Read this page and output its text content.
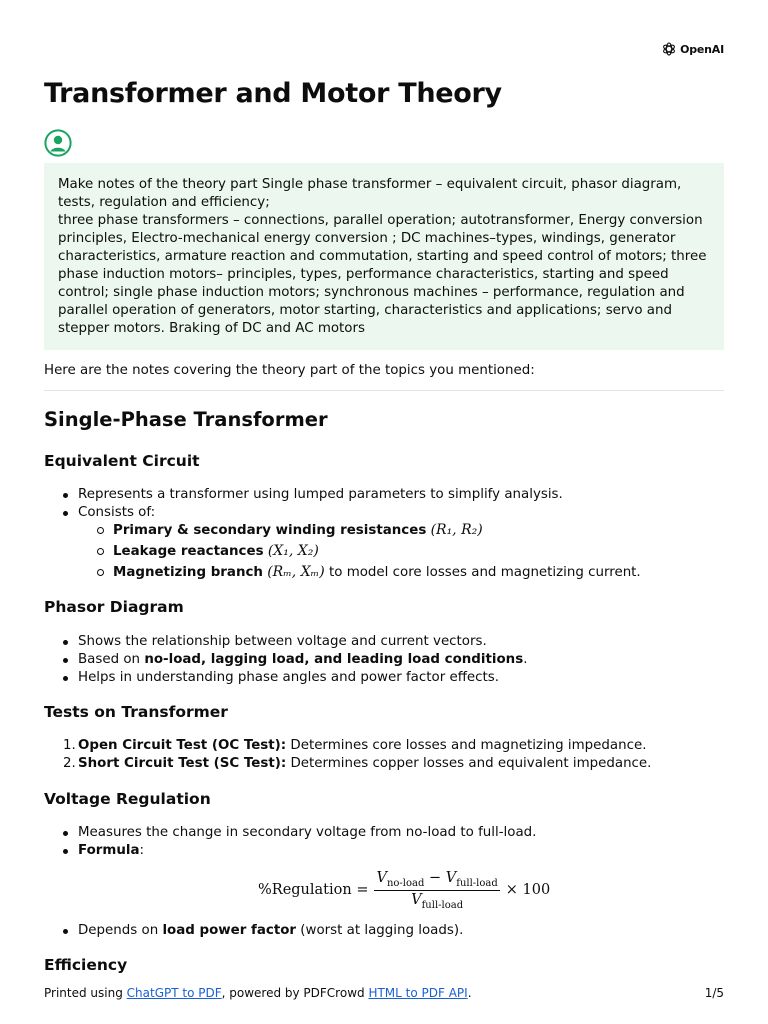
OpenAI
Transformer and Motor Theory

Make notes of the theory part Single phase transformer – equivalent circuit, phasor diagram, tests, regulation and efficiency;

three phase transformers – connections, parallel operation; autotransformer, Energy conversion principles, Electro-mechanical energy conversion ; DC machines–types, windings, generator characteristics, armature reaction and commutation, starting and speed control of motors; three phase induction motors– principles, types, performance characteristics, starting and speed control; single phase induction motors; synchronous machines – performance, regulation and parallel operation of generators, motor starting, characteristics and applications; servo and stepper motors. Braking of DC and AC motors

Here are the notes covering the theory part of the topics you mentioned:

Single-Phase Transformer
Equivalent Circuit
Represents a transformer using lumped parameters to simplify analysis.
Consists of:
Primary & secondary winding resistances (R₁, R₂)
Leakage reactances (X₁, X₂)
Magnetizing branch (Rₘ, Xₘ) to model core losses and magnetizing current.
Phasor Diagram
Shows the relationship between voltage and current vectors.
Based on no-load, lagging load, and leading load conditions.
Helps in understanding phase angles and power factor effects.
Tests on Transformer
1. Open Circuit Test (OC Test): Determines core losses and magnetizing impedance.
2. Short Circuit Test (SC Test): Determines copper losses and equivalent impedance.
Voltage Regulation
Measures the change in secondary voltage from no-load to full-load.
Formula:
%Regulation = $\frac{V_{no-load} - V_{full-load}}{V_{full-load}} \times 100$
Depends on load power factor (worst at lagging loads).
Efficiency
Printed using ChatGPT to PDF, powered by PDFCrowd HTML to PDF API.	1/5
